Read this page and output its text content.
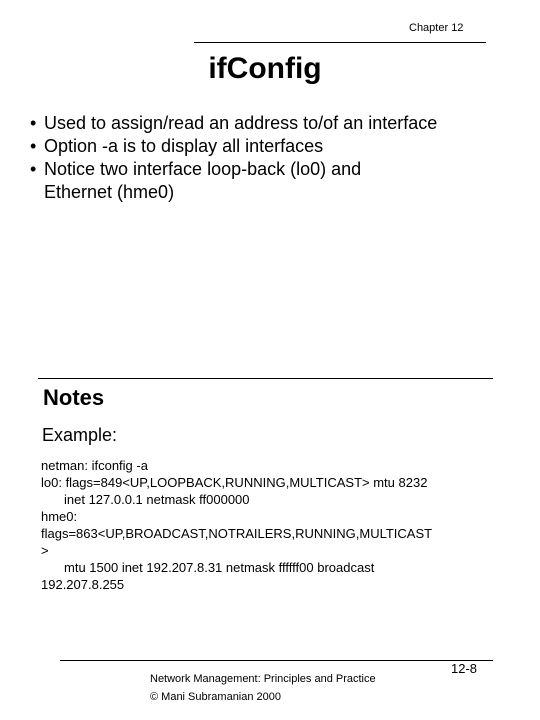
Chapter 12
ifConfig
• Used to assign/read an address to/of an interface
• Option -a is to display all interfaces
• Notice two interface loop-back (lo0) and
Ethernet (hme0)
Notes
Example:
netman: ifconfig -a
lo0: flags=849<UP,LOOPBACK,RUNNING,MULTICAST> mtu 8232
inet 127.0.0.1 netmask ff000000
hme0:
flags=863<UP,BROADCAST,NOTRAILERS,RUNNING,MULTICAST
>
mtu 1500 inet 192.207.8.31 netmask ffffff00 broadcast
192.207.8.255
Network Management: Principles and Practice
© Mani Subramanian 2000
12-8
